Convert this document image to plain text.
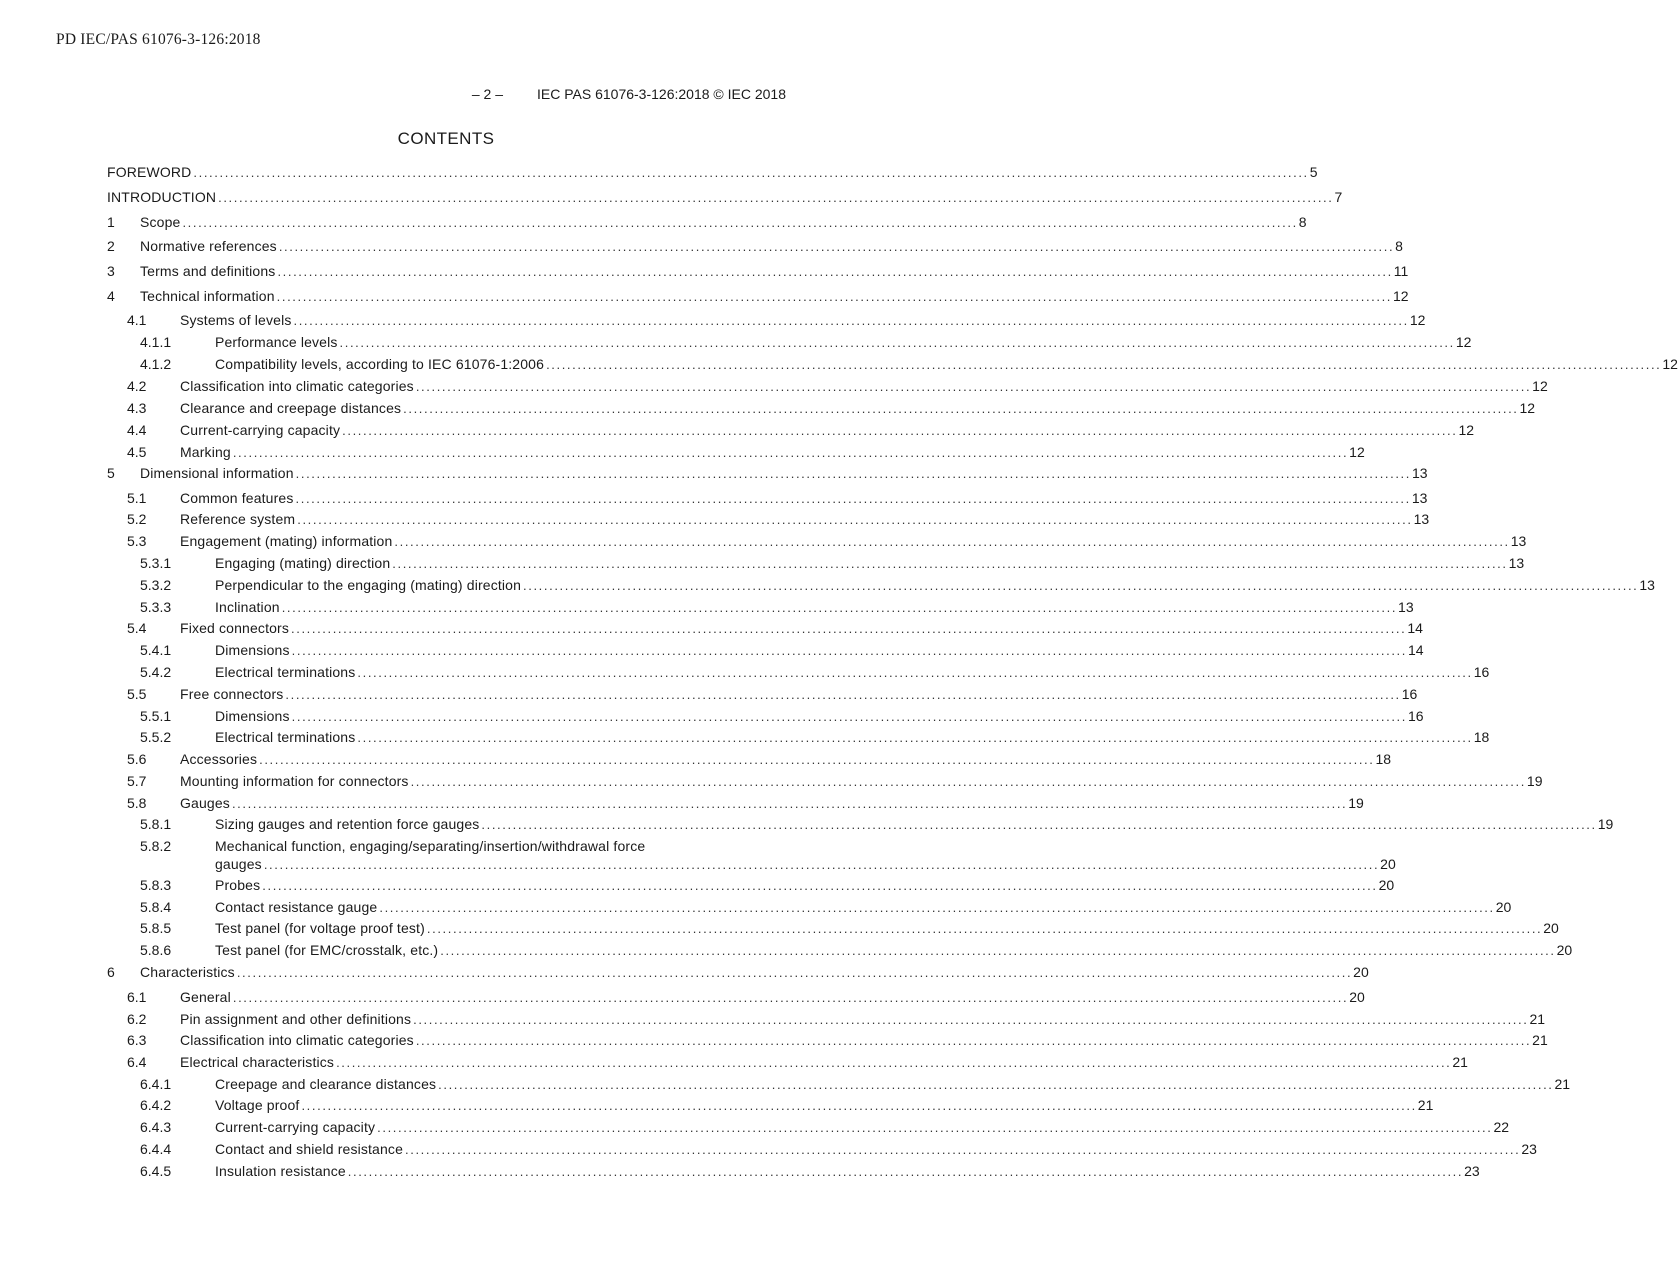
PD IEC/PAS 61076-3-126:2018
– 2 – IEC PAS 61076-3-126:2018 © IEC 2018
CONTENTS
FOREWORD .....	5
INTRODUCTION .....	7
1	Scope .....	8
2	Normative references .....	8
3	Terms and definitions .....	11
4	Technical information .....	12
4.1	Systems of levels .....	12
4.1.1	Performance levels .....	12
4.1.2	Compatibility levels, according to IEC 61076-1:2006 .....	12
4.2	Classification into climatic categories .....	12
4.3	Clearance and creepage distances .....	12
4.4	Current-carrying capacity .....	12
4.5	Marking .....	12
5	Dimensional information .....	13
5.1	Common features .....	13
5.2	Reference system .....	13
5.3	Engagement (mating) information .....	13
5.3.1	Engaging (mating) direction .....	13
5.3.2	Perpendicular to the engaging (mating) direction .....	13
5.3.3	Inclination .....	13
5.4	Fixed connectors .....	14
5.4.1	Dimensions .....	14
5.4.2	Electrical terminations .....	16
5.5	Free connectors .....	16
5.5.1	Dimensions .....	16
5.5.2	Electrical terminations .....	18
5.6	Accessories .....	18
5.7	Mounting information for connectors .....	19
5.8	Gauges .....	19
5.8.1	Sizing gauges and retention force gauges .....	19
5.8.2	Mechanical function, engaging/separating/insertion/withdrawal force
gauges .....	20
5.8.3	Probes .....	20
5.8.4	Contact resistance gauge .....	20
5.8.5	Test panel (for voltage proof test) .....	20
5.8.6	Test panel (for EMC/crosstalk, etc.) .....	20
6	Characteristics .....	20
6.1	General .....	20
6.2	Pin assignment and other definitions .....	21
6.3	Classification into climatic categories .....	21
6.4	Electrical characteristics .....	21
6.4.1	Creepage and clearance distances .....	21
6.4.2	Voltage proof .....	21
6.4.3	Current-carrying capacity .....	22
6.4.4	Contact and shield resistance .....	23
6.4.5	Insulation resistance .....	23
